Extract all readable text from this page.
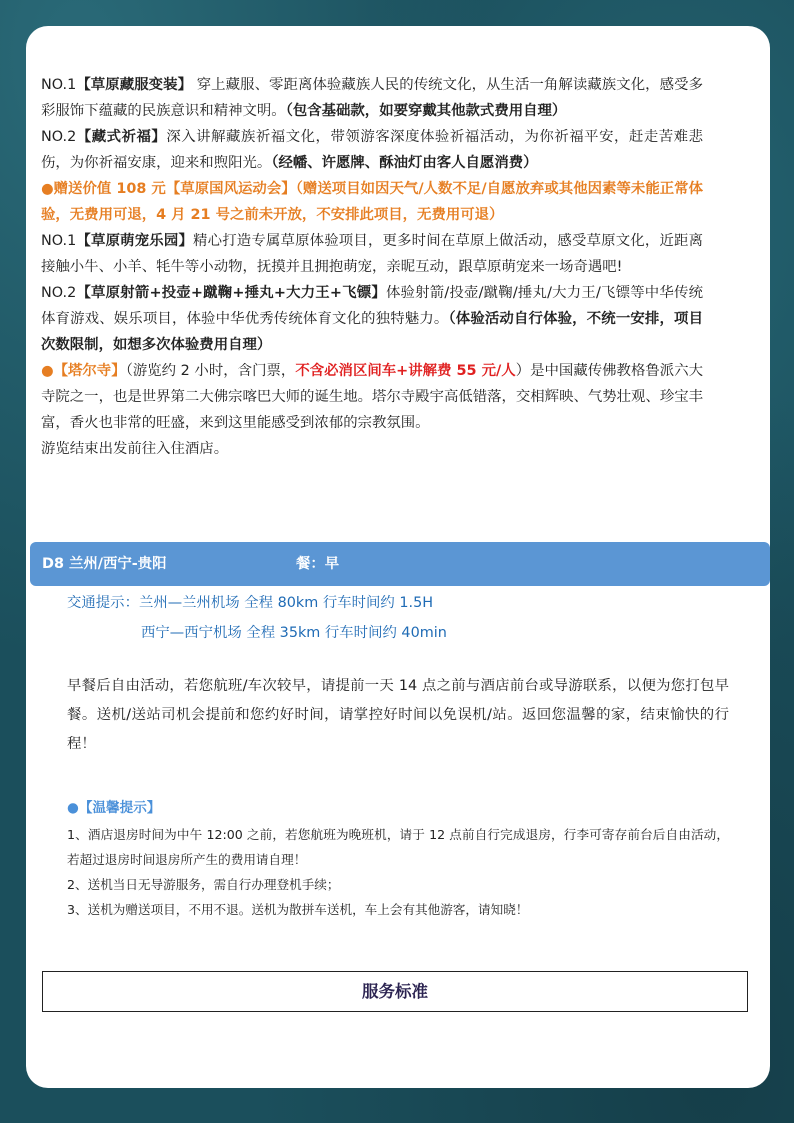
NO.1【草原藏服变装】 穿上藏服、零距离体验藏族人民的传统文化，从生活一角解读藏族文化，感受多彩服饰下蕴藏的民族意识和精神文明。（包含基础款，如要穿戴其他款式费用自理）

NO.2【藏式祈福】深入讲解藏族祈福文化，带领游客深度体验祈福活动，为你祈福平安，赶走苦难悲伤，为你祈福安康，迎来和煦阳光。（经幡、许愿牌、酥油灯由客人自愿消费）

●赠送价值 108 元【草原国风运动会】（赠送项目如因天气/人数不足/自愿放弃或其他因素等未能正常体验，无费用可退，4 月 21 号之前未开放，不安排此项目，无费用可退）

NO.1【草原萌宠乐园】精心打造专属草原体验项目，更多时间在草原上做活动，感受草原文化，近距离接触小牛、小羊、牦牛等小动物，抚摸并且拥抱萌宠，亲昵互动，跟草原萌宠来一场奇遇吧!

NO.2【草原射箭+投壶+蹴鞠+捶丸+大力王+飞镖】体验射箭/投壶/蹴鞠/捶丸/大力王/飞镖等中华传统体育游戏、娱乐项目，体验中华优秀传统体育文化的独特魅力。（体验活动自行体验，不统一安排，项目次数限制，如想多次体验费用自理）

●【塔尔寺】（游览约 2 小时，含门票，不含必消区间车+讲解费 55 元/人）是中国藏传佛教格鲁派六大寺院之一，也是世界第二大佛宗喀巴大师的诞生地。塔尔寺殿宇高低错落，交相辉映、气势壮观、珍宝丰富，香火也非常的旺盛，来到这里能感受到浓郁的宗教氛围。

游览结束出发前往入住酒店。

D8 兰州/西宁-贵阳	餐：早
交通提示：兰州—兰州机场 全程 80km 行车时间约 1.5H
西宁—西宁机场 全程 35km 行车时间约 40min

早餐后自由活动，若您航班/车次较早，请提前一天 14 点之前与酒店前台或导游联系，以便为您打包早餐。送机/送站司机会提前和您约好时间，请掌控好时间以免误机/站。返回您温馨的家，结束愉快的行程！

●【温馨提示】
1、酒店退房时间为中午 12:00 之前，若您航班为晚班机，请于 12 点前自行完成退房，行李可寄存前台后自由活动，若超过退房时间退房所产生的费用请自理！
2、送机当日无导游服务，需自行办理登机手续；
3、送机为赠送项目，不用不退。送机为散拼车送机，车上会有其他游客，请知晓！
服务标准
